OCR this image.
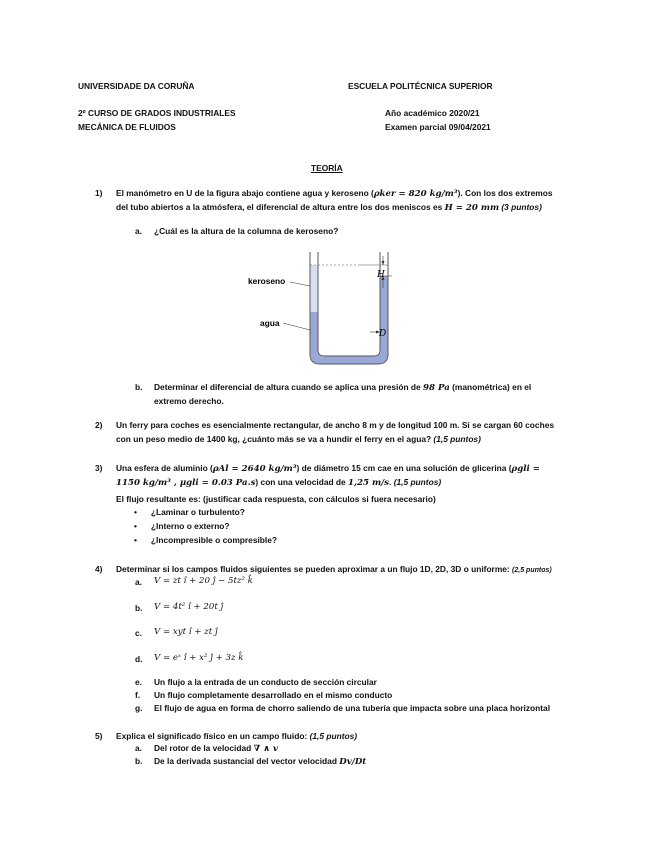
UNIVERSIDADE DA CORUÑA	ESCUELA POLITÉCNICA SUPERIOR
2º CURSO DE GRADOS INDUSTRIALES	Año académico 2020/21
MECÁNICA DE FLUIDOS	Examen parcial 09/04/2021
TEORÍA
1) El manómetro en U de la figura abajo contiene agua y keroseno (ρker = 820 kg/m³). Con los dos extremos
del tubo abiertos a la atmósfera, el diferencial de altura entre los dos meniscos es H = 20 mm (3 puntos)
a. ¿Cuál es la altura de la columna de keroseno?
H
D
keroseno
agua
b. Determinar el diferencial de altura cuando se aplica una presión de 98 Pa (manométrica) en el
extremo derecho.
2) Un ferry para coches es esencialmente rectangular, de ancho 8 m y de longitud 100 m. Si se cargan 60 coches
con un peso medio de 1400 kg, ¿cuánto más se va a hundir el ferry en el agua? (1,5 puntos)
3) Una esfera de aluminio (ρAl = 2640 kg/m³) de diámetro 15 cm cae en una solución de glicerina (ρgli =
1150 kg/m³ , μgli = 0.03 Pa.s) con una velocidad de 1,25 m/s. (1,5 puntos)
El flujo resultante es: (justificar cada respuesta, con cálculos si fuera necesario)
•      ¿Laminar o turbulento?
•      ¿Interno o externo?
•      ¿Incompresible o compresible?
4) Determinar si los campos fluidos siguientes se pueden aproximar a un flujo 1D, 2D, 3D o uniforme: (2,5 puntos)
a. V = zt î + 20 ĵ − 5tz² k̂
b. V = 4t² î + 20t ĵ
c. V = xyt î + zt ĵ
d. V = eˣ î + x² ĵ + 3z k̂
e. Un flujo a la entrada de un conducto de sección circular
f. Un flujo completamente desarrollado en el mismo conducto
g. El flujo de agua en forma de chorro saliendo de una tubería que impacta sobre una placa horizontal
5) Explica el significado físico en un campo fluido: (1,5 puntos)
a. Del rotor de la velocidad ∇ ∧ v
b. De la derivada sustancial del vector velocidad Dv/Dt
